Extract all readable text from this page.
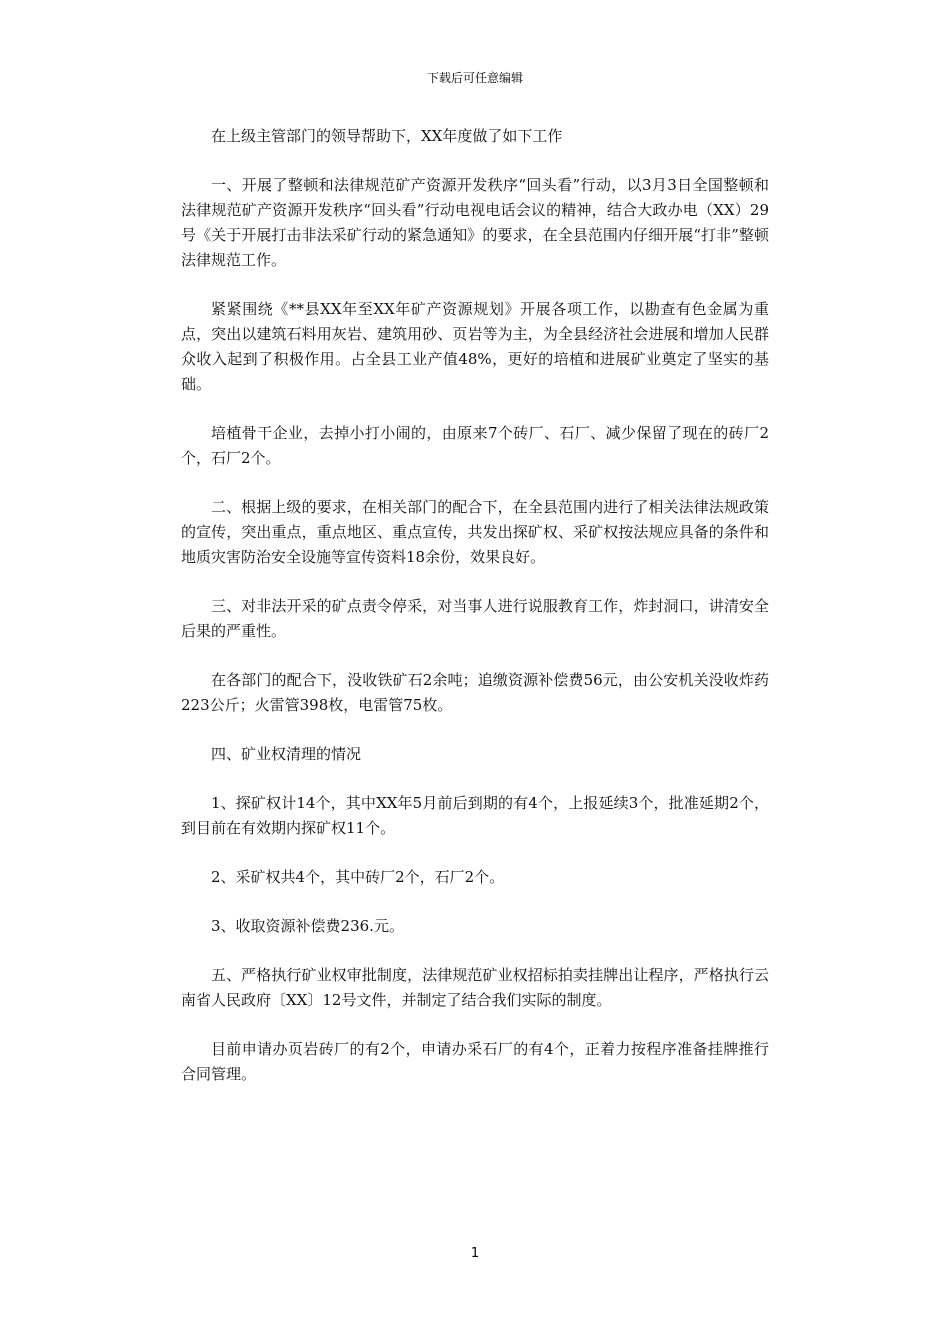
下载后可任意编辑

在上级主管部门的领导帮助下，XX年度做了如下工作

一、开展了整顿和法律规范矿产资源开发秩序“回头看”行动，以3月3日全国整顿和法律规范矿产资源开发秩序“回头看”行动电视电话会议的精神，结合大政办电（XX）29号《关于开展打击非法采矿行动的紧急通知》的要求，在全县范围内仔细开展“打非”整顿法律规范工作。

紧紧围绕《**县XX年至XX年矿产资源规划》开展各项工作，以勘查有色金属为重点，突出以建筑石料用灰岩、建筑用砂、页岩等为主，为全县经济社会进展和增加人民群众收入起到了积极作用。占全县工业产值48%，更好的培植和进展矿业奠定了坚实的基础。

培植骨干企业，去掉小打小闹的，由原来7个砖厂、石厂、减少保留了现在的砖厂2个，石厂2个。

二、根据上级的要求，在相关部门的配合下，在全县范围内进行了相关法律法规政策的宣传，突出重点，重点地区、重点宣传，共发出探矿权、采矿权按法规应具备的条件和地质灾害防治安全设施等宣传资料18余份，效果良好。

三、对非法开采的矿点责令停采，对当事人进行说服教育工作，炸封洞口，讲清安全后果的严重性。

在各部门的配合下，没收铁矿石2余吨；追缴资源补偿费56元，由公安机关没收炸药223公斤；火雷管398枚，电雷管75枚。

四、矿业权清理的情况

1、探矿权计14个，其中XX年5月前后到期的有4个，上报延续3个，批准延期2个，到目前在有效期内探矿权11个。

2、采矿权共4个，其中砖厂2个，石厂2个。

3、收取资源补偿费236.元。

五、严格执行矿业权审批制度，法律规范矿业权招标拍卖挂牌出让程序，严格执行云南省人民政府〔XX〕12号文件，并制定了结合我们实际的制度。

目前申请办页岩砖厂的有2个，申请办采石厂的有4个，正着力按程序准备挂牌推行合同管理。

1
